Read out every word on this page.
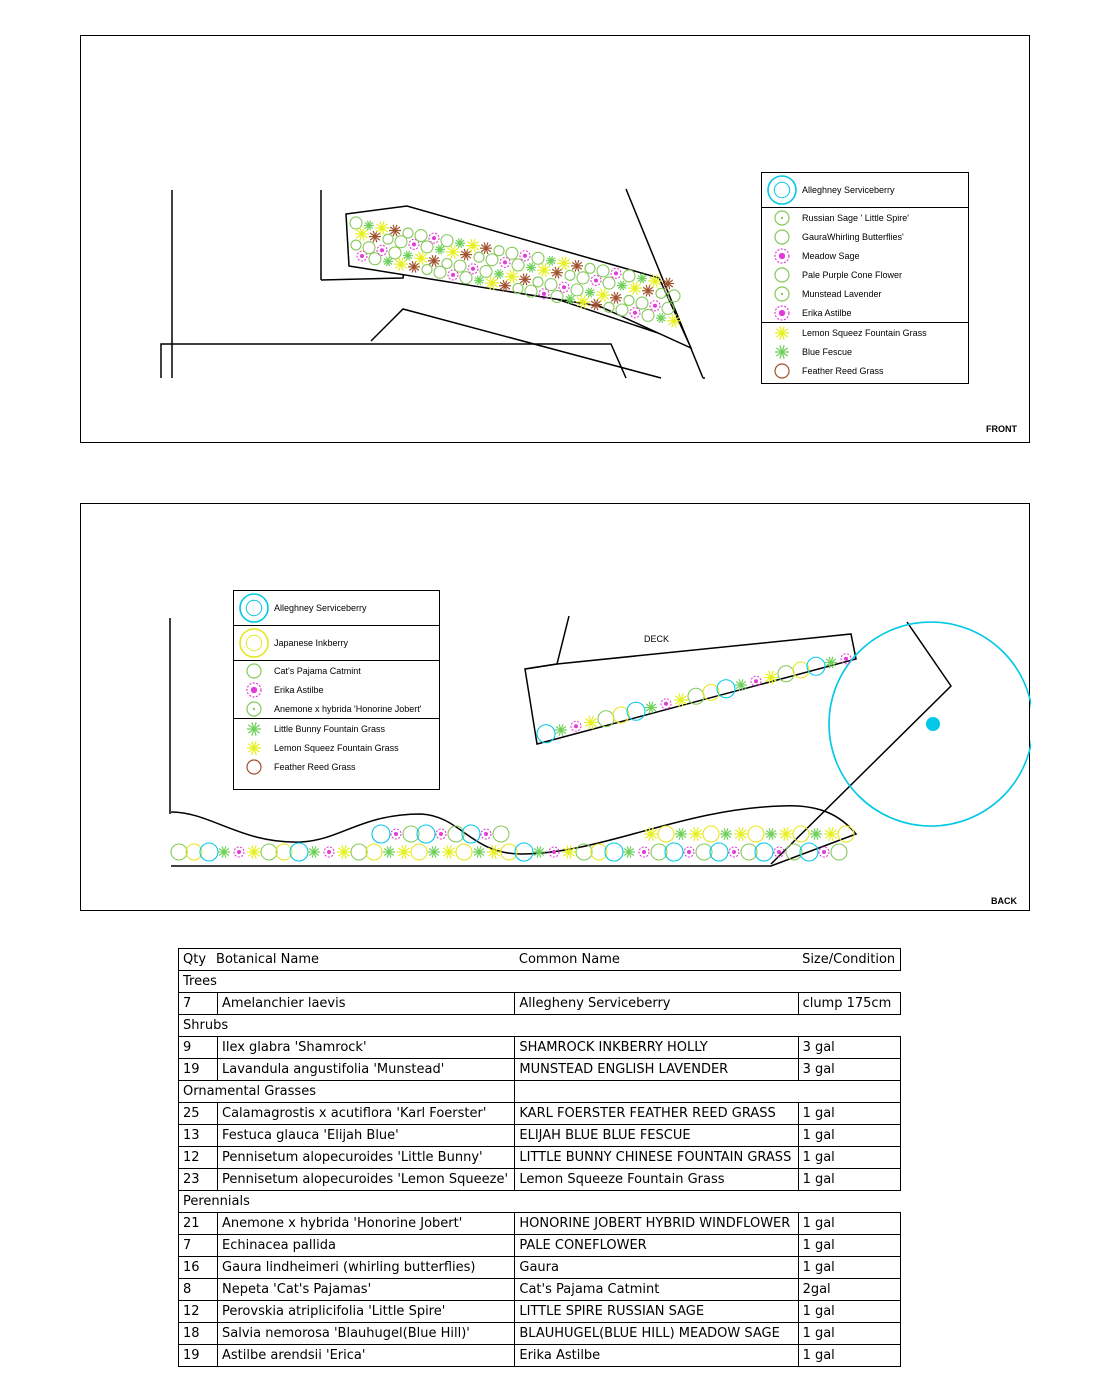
Alleghney Serviceberry
Russian Sage ' Little Spire'
GauraWhirling Butterflies'
Meadow Sage
Pale Purple Cone Flower
Munstead Lavender
Erika Astilbe
Lemon Squeez Fountain Grass
Blue Fescue
Feather Reed Grass
FRONT
DECK
Alleghney Serviceberry
Japanese Inkberry
Cat's Pajama Catmint
Erika Astilbe
Anemone x hybrida 'Honorine Jobert'
Little Bunny Fountain Grass
Lemon Squeez Fountain Grass
Feather Reed Grass
BACK
Qty Botanical Name		Common Name	Size/Condition
Trees			
7	Amelanchier laevis	Allegheny Serviceberry	clump 175cm
Shrubs			
9	Ilex glabra 'Shamrock'	SHAMROCK INKBERRY HOLLY	3 gal
19	Lavandula angustifolia 'Munstead'	MUNSTEAD ENGLISH LAVENDER	3 gal
Ornamental Grasses			
25	Calamagrostis x acutiflora 'Karl Foerster'	KARL FOERSTER FEATHER REED GRASS	1 gal
13	Festuca glauca 'Elijah Blue'	ELIJAH BLUE BLUE FESCUE	1 gal
12	Pennisetum alopecuroides 'Little Bunny'	LITTLE BUNNY CHINESE FOUNTAIN GRASS	1 gal
23	Pennisetum alopecuroides 'Lemon Squeeze'	Lemon Squeeze Fountain Grass	1 gal
Perennials			
21	Anemone x hybrida 'Honorine Jobert'	HONORINE JOBERT HYBRID WINDFLOWER	1 gal
7	Echinacea pallida	PALE CONEFLOWER	1 gal
16	Gaura lindheimeri (whirling butterflies)	Gaura	1 gal
8	Nepeta 'Cat's Pajamas'	Cat's Pajama Catmint	2gal
12	Perovskia atriplicifolia 'Little Spire'	LITTLE SPIRE RUSSIAN SAGE	1 gal
18	Salvia nemorosa 'Blauhugel(Blue Hill)'	BLAUHUGEL(BLUE HILL) MEADOW SAGE	1 gal
19	Astilbe arendsii 'Erica'	Erika Astilbe	1 gal
